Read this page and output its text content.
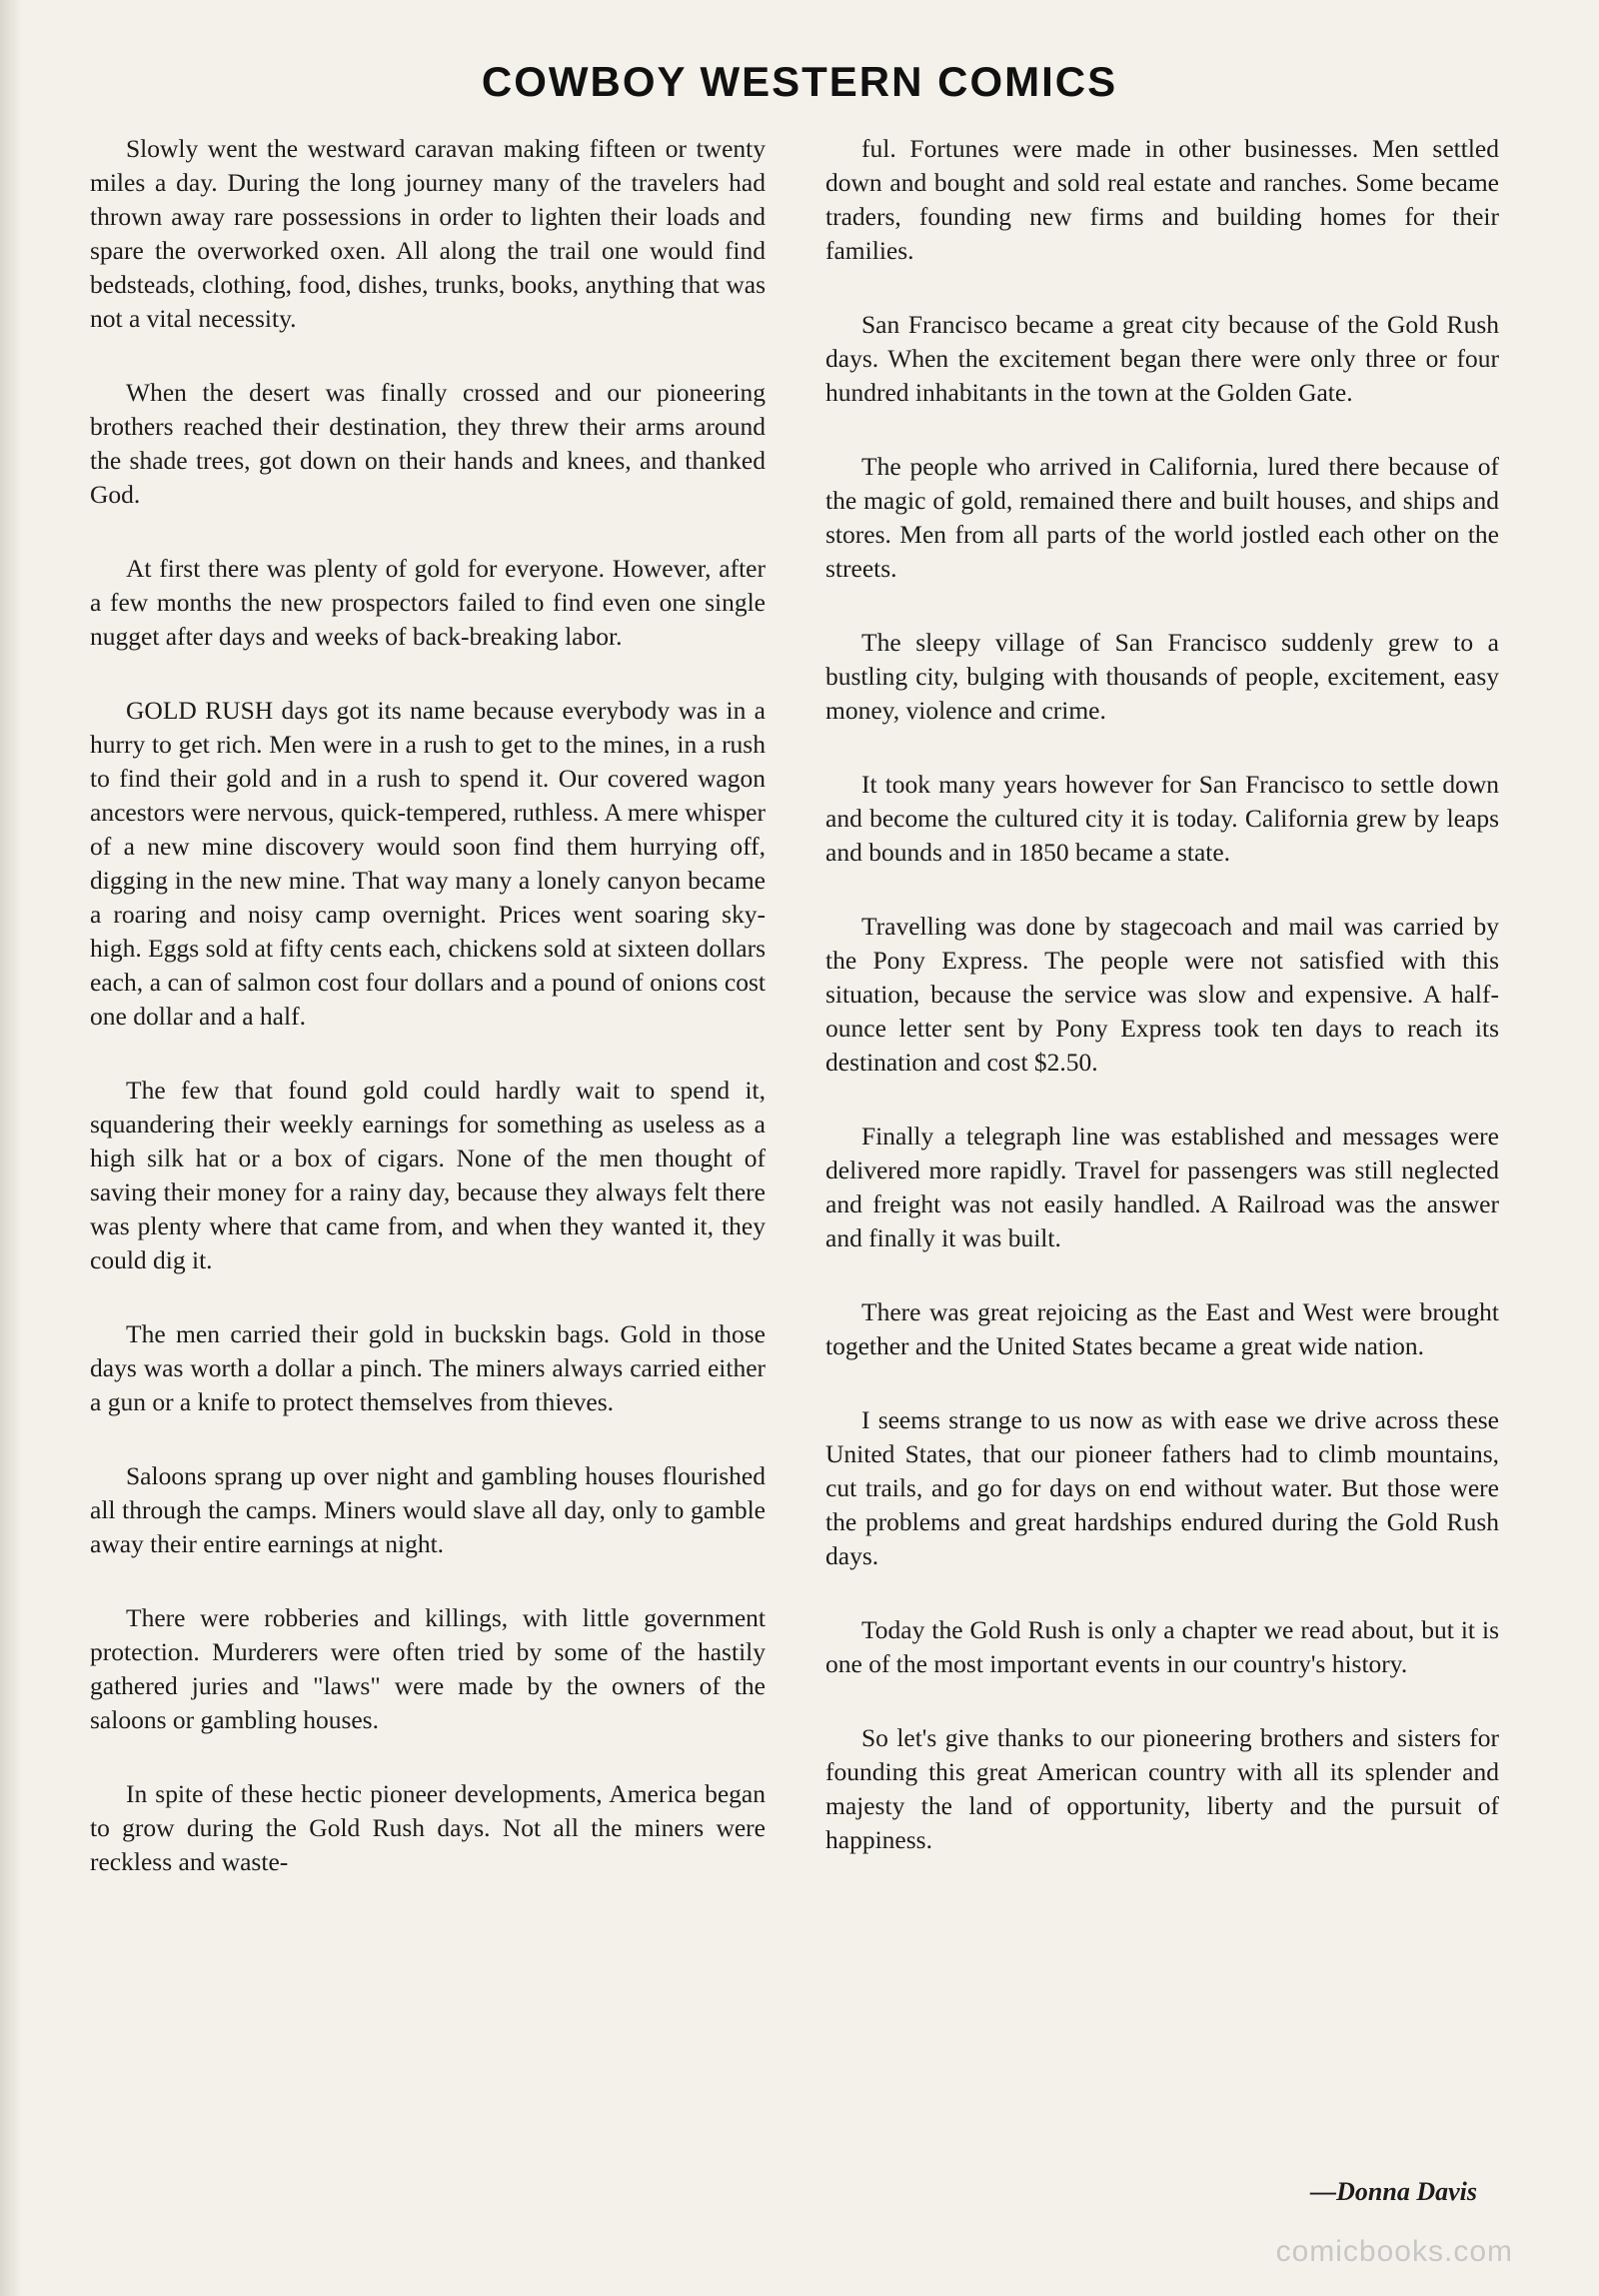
COWBOY WESTERN COMICS

Slowly went the westward caravan making fifteen or twenty miles a day. During the long journey many of the travelers had thrown away rare possessions in order to lighten their loads and spare the overworked oxen. All along the trail one would find bedsteads, clothing, food, dishes, trunks, books, anything that was not a vital necessity.

When the desert was finally crossed and our pioneering brothers reached their destination, they threw their arms around the shade trees, got down on their hands and knees, and thanked God.

At first there was plenty of gold for everyone. However, after a few months the new prospectors failed to find even one single nugget after days and weeks of back-breaking labor.

GOLD RUSH days got its name because everybody was in a hurry to get rich. Men were in a rush to get to the mines, in a rush to find their gold and in a rush to spend it. Our covered wagon ancestors were nervous, quick-tempered, ruthless. A mere whisper of a new mine discovery would soon find them hurrying off, digging in the new mine. That way many a lonely canyon became a roaring and noisy camp overnight. Prices went soaring sky-high. Eggs sold at fifty cents each, chickens sold at sixteen dollars each, a can of salmon cost four dollars and a pound of onions cost one dollar and a half.

The few that found gold could hardly wait to spend it, squandering their weekly earnings for something as useless as a high silk hat or a box of cigars. None of the men thought of saving their money for a rainy day, because they always felt there was plenty where that came from, and when they wanted it, they could dig it.

The men carried their gold in buckskin bags. Gold in those days was worth a dollar a pinch. The miners always carried either a gun or a knife to protect themselves from thieves.

Saloons sprang up over night and gambling houses flourished all through the camps. Miners would slave all day, only to gamble away their entire earnings at night.

There were robberies and killings, with little government protection. Murderers were often tried by some of the hastily gathered juries and "laws" were made by the owners of the saloons or gambling houses.

In spite of these hectic pioneer developments, America began to grow during the Gold Rush days. Not all the miners were reckless and waste-

ful. Fortunes were made in other businesses. Men settled down and bought and sold real estate and ranches. Some became traders, founding new firms and building homes for their families.

San Francisco became a great city because of the Gold Rush days. When the excitement began there were only three or four hundred inhabitants in the town at the Golden Gate.

The people who arrived in California, lured there because of the magic of gold, remained there and built houses, and ships and stores. Men from all parts of the world jostled each other on the streets.

The sleepy village of San Francisco suddenly grew to a bustling city, bulging with thousands of people, excitement, easy money, violence and crime.

It took many years however for San Francisco to settle down and become the cultured city it is today. California grew by leaps and bounds and in 1850 became a state.

Travelling was done by stagecoach and mail was carried by the Pony Express. The people were not satisfied with this situation, because the service was slow and expensive. A half-ounce letter sent by Pony Express took ten days to reach its destination and cost $2.50.

Finally a telegraph line was established and messages were delivered more rapidly. Travel for passengers was still neglected and freight was not easily handled. A Railroad was the answer and finally it was built.

There was great rejoicing as the East and West were brought together and the United States became a great wide nation.

I seems strange to us now as with ease we drive across these United States, that our pioneer fathers had to climb mountains, cut trails, and go for days on end without water. But those were the problems and great hardships endured during the Gold Rush days.

Today the Gold Rush is only a chapter we read about, but it is one of the most important events in our country's history.

So let's give thanks to our pioneering brothers and sisters for founding this great American country with all its splender and majesty the land of opportunity, liberty and the pursuit of happiness.

—Donna Davis
comicbooks.com
